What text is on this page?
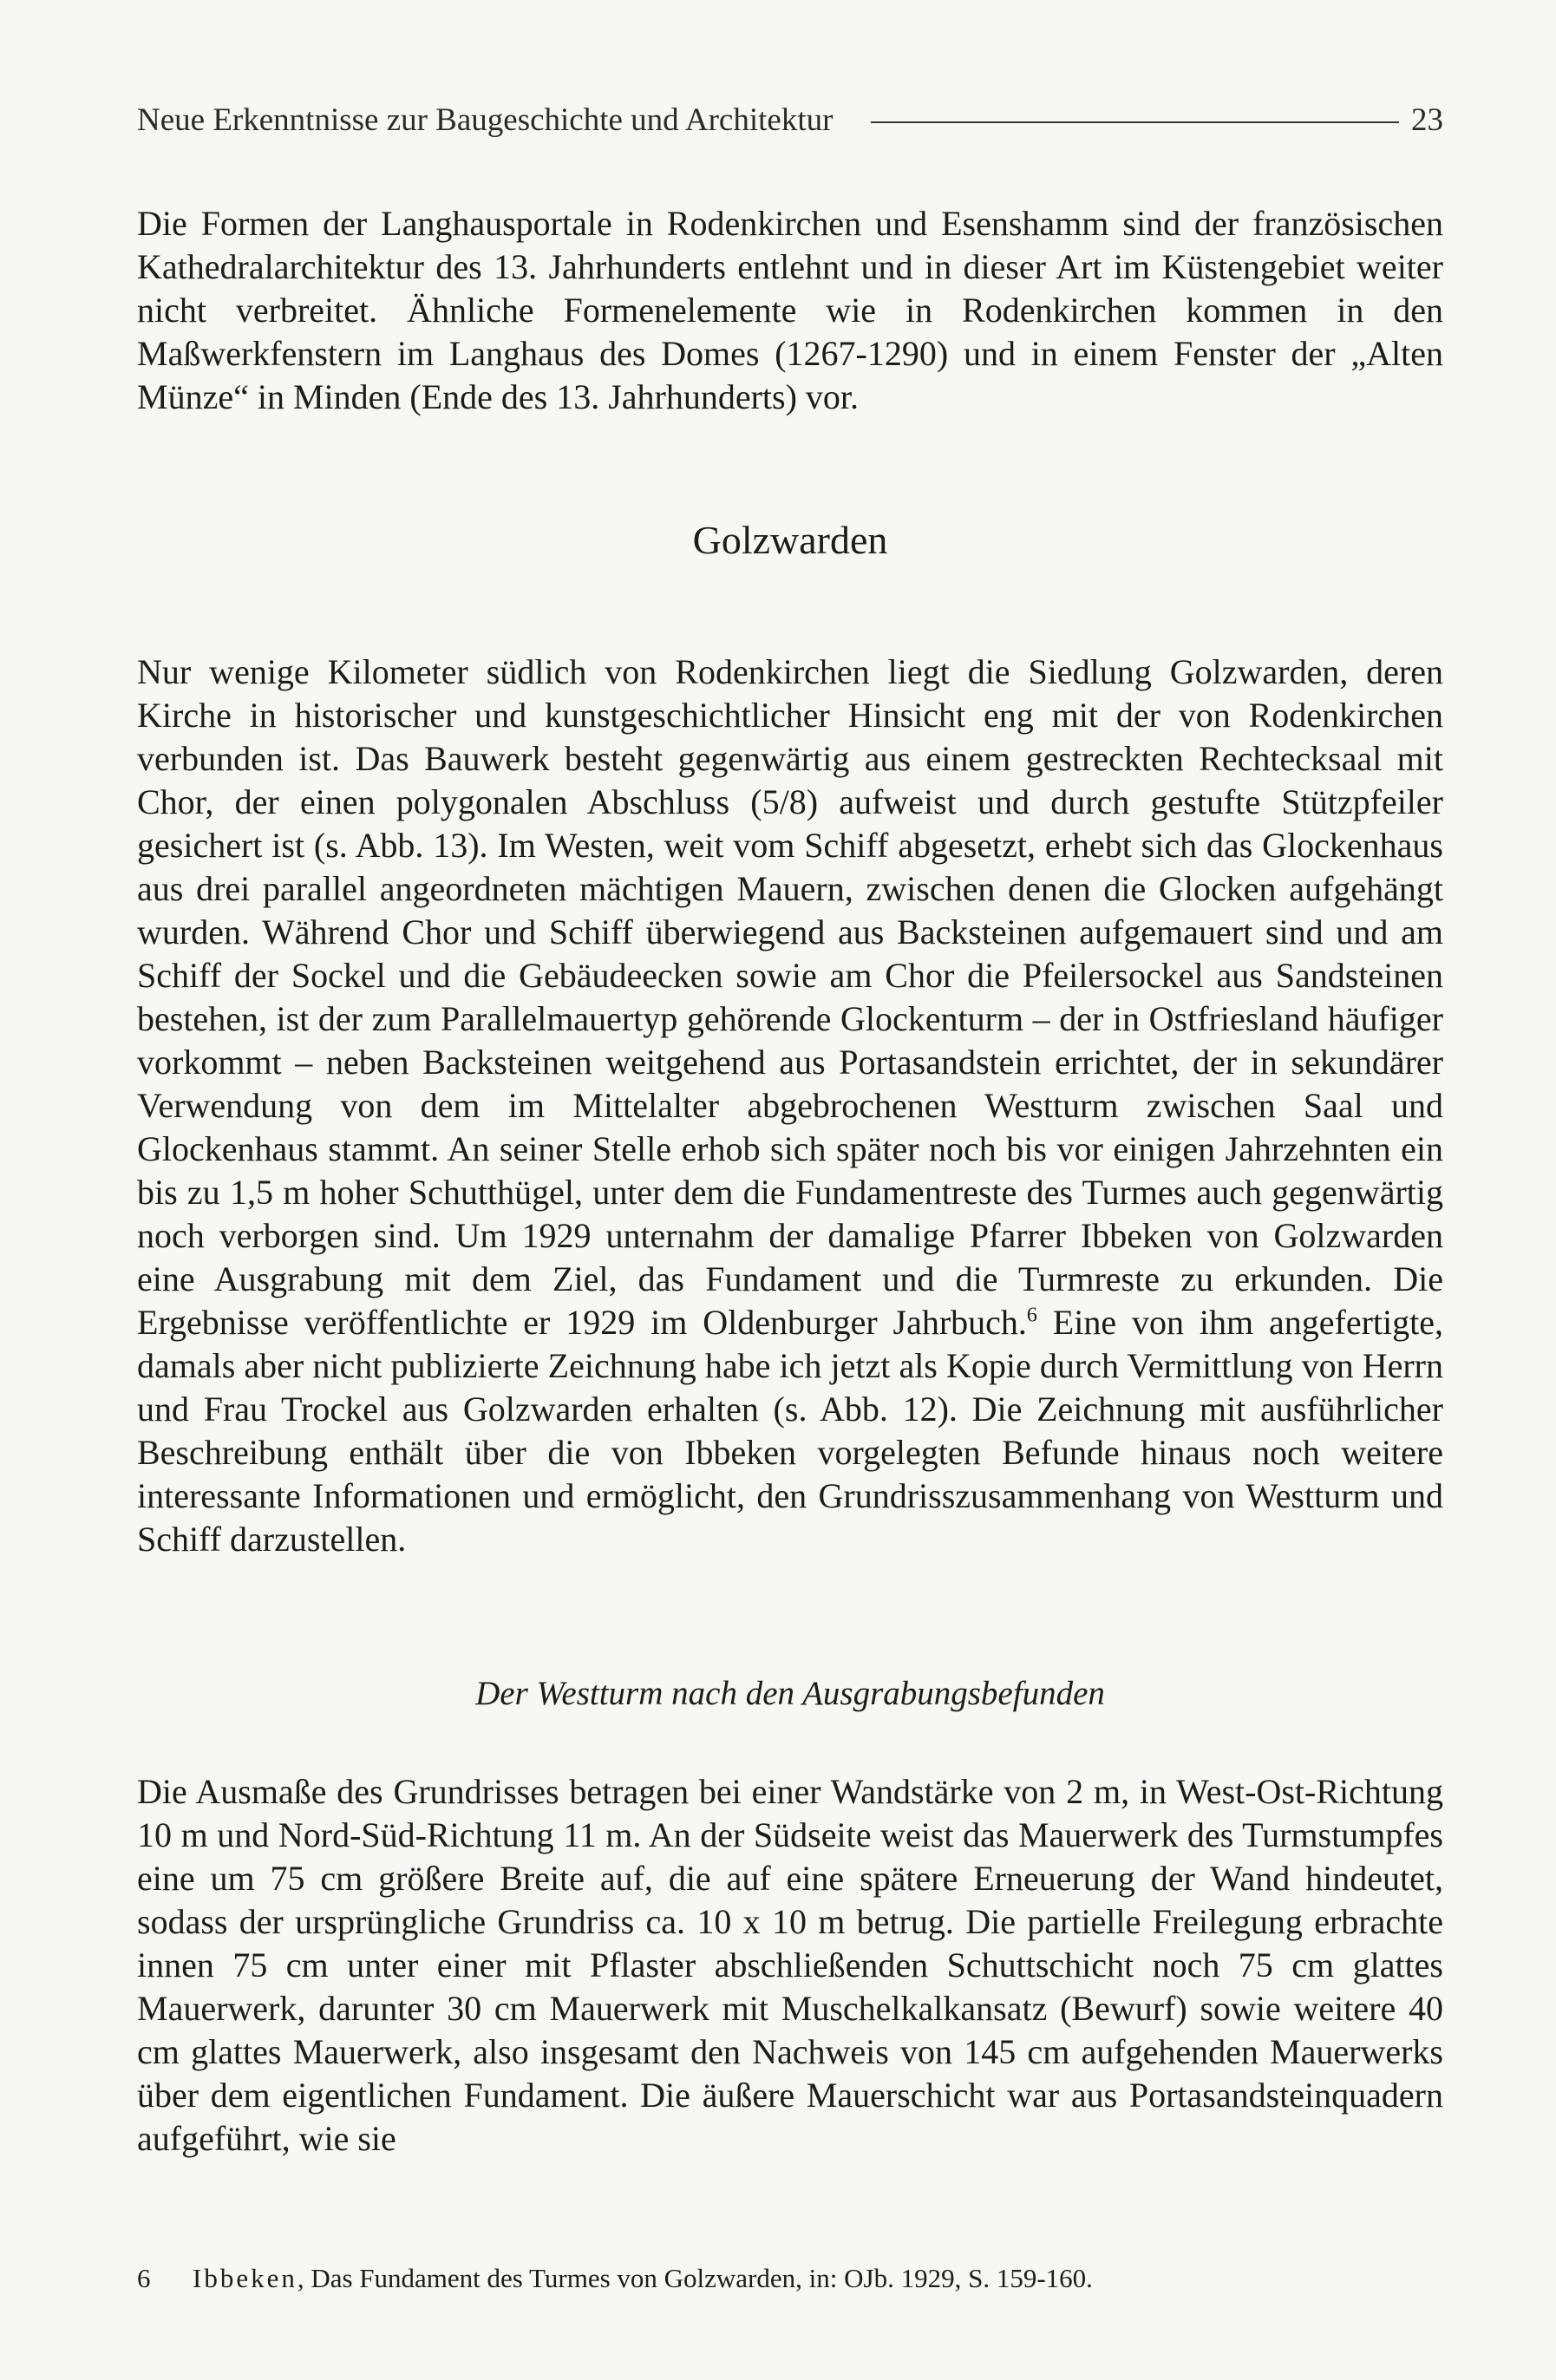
Neue Erkenntnisse zur Baugeschichte und Architektur	23

Die Formen der Langhausportale in Rodenkirchen und Esenshamm sind der französischen Kathedralarchitektur des 13. Jahrhunderts entlehnt und in dieser Art im Küstengebiet weiter nicht verbreitet. Ähnliche Formenelemente wie in Rodenkirchen kommen in den Maßwerkfenstern im Langhaus des Domes (1267-1290) und in einem Fenster der „Alten Münze“ in Minden (Ende des 13. Jahrhunderts) vor.

Golzwarden

Nur wenige Kilometer südlich von Rodenkirchen liegt die Siedlung Golzwarden, deren Kirche in historischer und kunstgeschichtlicher Hinsicht eng mit der von Rodenkirchen verbunden ist. Das Bauwerk besteht gegenwärtig aus einem gestreckten Rechtecksaal mit Chor, der einen polygonalen Abschluss (5/8) aufweist und durch gestufte Stützpfeiler gesichert ist (s. Abb. 13). Im Westen, weit vom Schiff abgesetzt, erhebt sich das Glockenhaus aus drei parallel angeordneten mächtigen Mauern, zwischen denen die Glocken aufgehängt wurden. Während Chor und Schiff überwiegend aus Backsteinen aufgemauert sind und am Schiff der Sockel und die Gebäudeecken sowie am Chor die Pfeilersockel aus Sandsteinen bestehen, ist der zum Parallelmauertyp gehörende Glockenturm – der in Ostfriesland häufiger vorkommt – neben Backsteinen weitgehend aus Portasandstein errichtet, der in sekundärer Verwendung von dem im Mittelalter abgebrochenen Westturm zwischen Saal und Glockenhaus stammt. An seiner Stelle erhob sich später noch bis vor einigen Jahrzehnten ein bis zu 1,5 m hoher Schutthügel, unter dem die Fundamentreste des Turmes auch gegenwärtig noch verborgen sind. Um 1929 unternahm der damalige Pfarrer Ibbeken von Golzwarden eine Ausgrabung mit dem Ziel, das Fundament und die Turmreste zu erkunden. Die Ergebnisse veröffentlichte er 1929 im Oldenburger Jahrbuch.$^6$ Eine von ihm angefertigte, damals aber nicht publizierte Zeichnung habe ich jetzt als Kopie durch Vermittlung von Herrn und Frau Trockel aus Golzwarden erhalten (s. Abb. 12). Die Zeichnung mit ausführlicher Beschreibung enthält über die von Ibbeken vorgelegten Befunde hinaus noch weitere interessante Informationen und ermöglicht, den Grundrisszusammenhang von Westturm und Schiff darzustellen.

Der Westturm nach den Ausgrabungsbefunden

Die Ausmaße des Grundrisses betragen bei einer Wandstärke von 2 m, in West-Ost-Richtung 10 m und Nord-Süd-Richtung 11 m. An der Südseite weist das Mauerwerk des Turmstumpfes eine um 75 cm größere Breite auf, die auf eine spätere Erneuerung der Wand hindeutet, sodass der ursprüngliche Grundriss ca. 10 x 10 m betrug. Die partielle Freilegung erbrachte innen 75 cm unter einer mit Pflaster abschließenden Schuttschicht noch 75 cm glattes Mauerwerk, darunter 30 cm Mauerwerk mit Muschelkalkansatz (Bewurf) sowie weitere 40 cm glattes Mauerwerk, also insgesamt den Nachweis von 145 cm aufgehenden Mauerwerks über dem eigentlichen Fundament. Die äußere Mauerschicht war aus Portasandsteinquadern aufgeführt, wie sie

6	Ibbeken, Das Fundament des Turmes von Golzwarden, in: OJb. 1929, S. 159-160.
